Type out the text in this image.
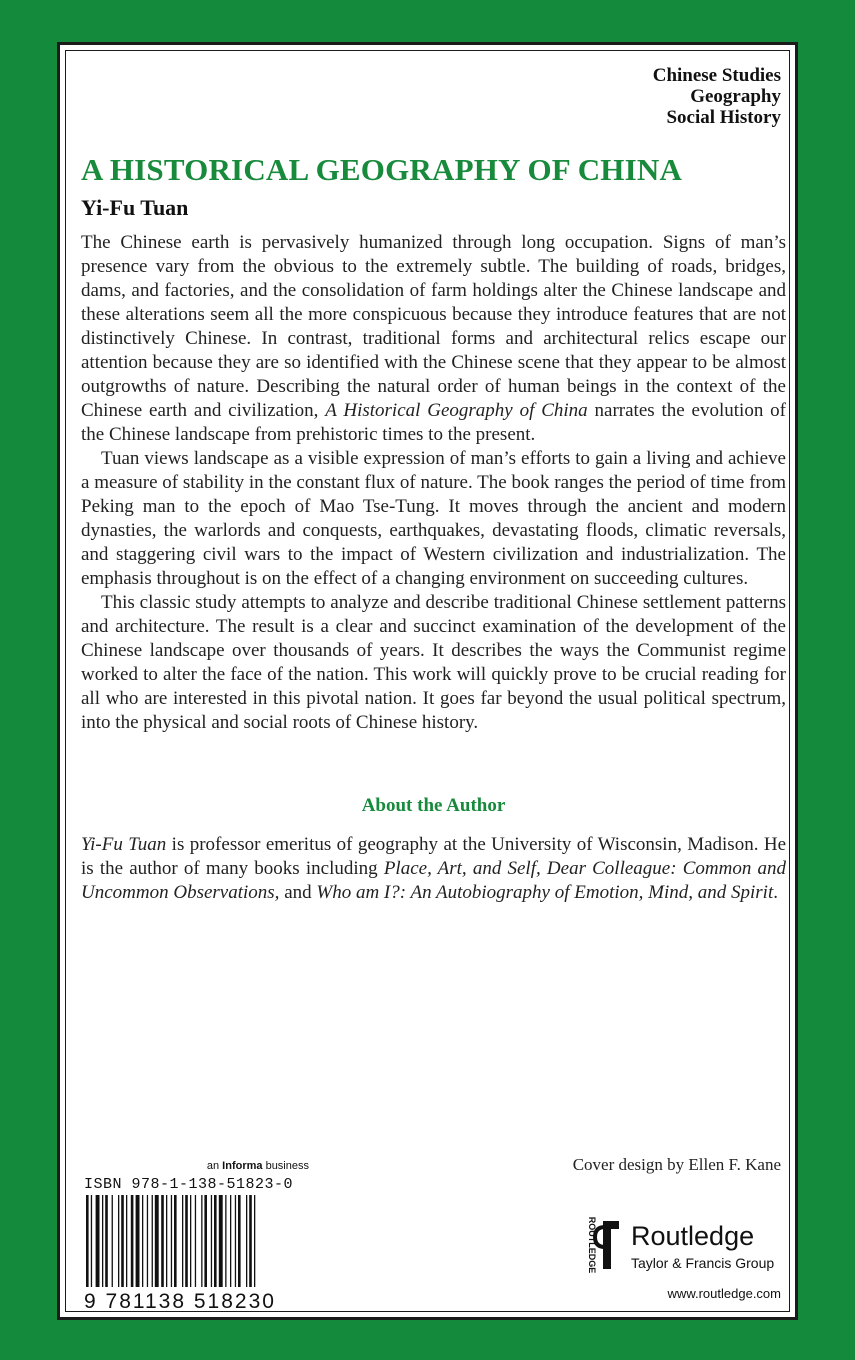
Chinese Studies
Geography
Social History
A HISTORICAL GEOGRAPHY OF CHINA
Yi-Fu Tuan

The Chinese earth is pervasively humanized through long occupation. Signs of man’s presence vary from the obvious to the extremely subtle. The building of roads, bridges, dams, and factories, and the consolidation of farm holdings alter the Chinese landscape and these alterations seem all the more conspicuous because they introduce features that are not distinctively Chinese. In contrast, traditional forms and architectural relics escape our attention because they are so identified with the Chinese scene that they appear to be almost outgrowths of nature. Describing the natural order of human beings in the context of the Chinese earth and civilization, A Historical Geography of China narrates the evolution of the Chinese landscape from prehistoric times to the present.

Tuan views landscape as a visible expression of man’s efforts to gain a living and achieve a measure of stability in the constant flux of nature. The book ranges the period of time from Peking man to the epoch of Mao Tse-Tung. It moves through the ancient and modern dynasties, the warlords and conquests, earthquakes, devastating floods, climatic reversals, and staggering civil wars to the impact of Western civilization and industrialization. The emphasis throughout is on the effect of a changing environment on succeeding cultures.

This classic study attempts to analyze and describe traditional Chinese settlement patterns and architecture. The result is a clear and succinct examination of the development of the Chinese landscape over thousands of years. It describes the ways the Communist regime worked to alter the face of the nation. This work will quickly prove to be crucial reading for all who are interested in this pivotal nation. It goes far beyond the usual political spectrum, into the physical and social roots of Chinese history.

About the Author

Yi-Fu Tuan is professor emeritus of geography at the University of Wisconsin, Madison. He is the author of many books including Place, Art, and Self, Dear Colleague: Common and Uncommon Observations, and Who am I?: An Autobiography of Emotion, Mind, and Spirit.

Cover design by Ellen F. Kane
an Informa business
ISBN 978-1-138-51823-0
9 781138 518230
ROUTLEDGE Routledge
Taylor & Francis Group
www.routledge.com
